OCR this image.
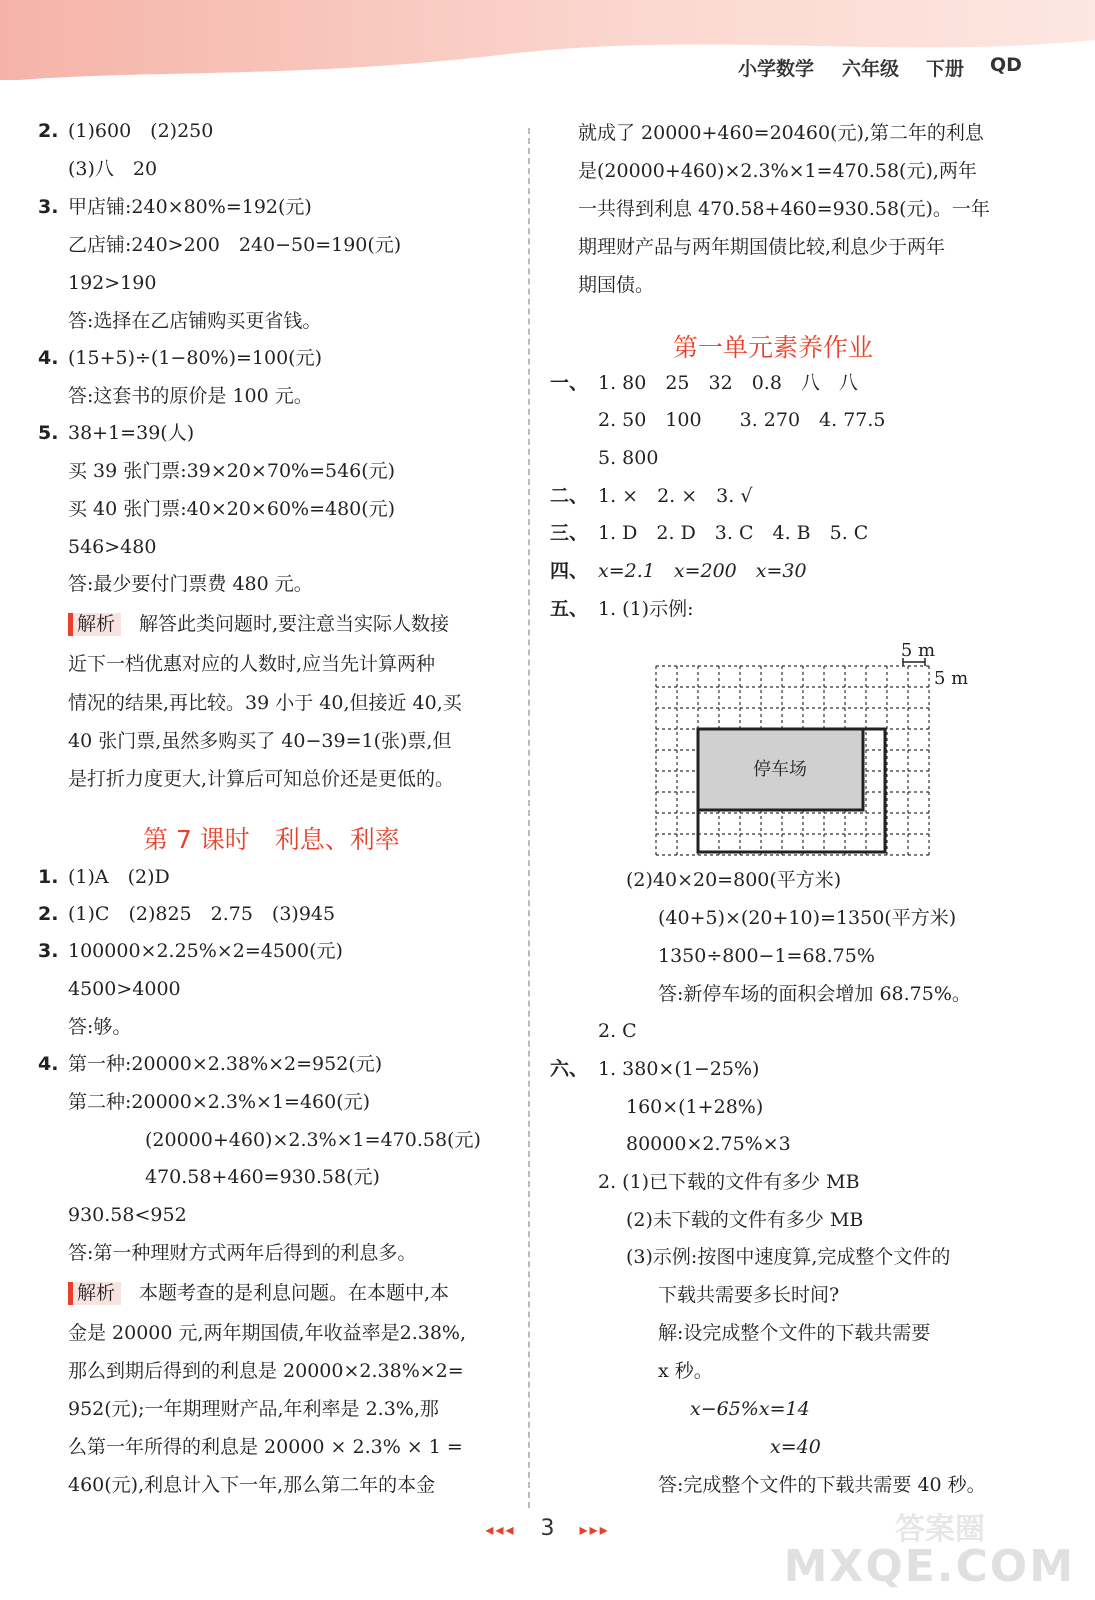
小学数学 六年级 下册 QD
2. (1)600　(2)250
(3)八　20
3. 甲店铺:240×80%=192(元)
乙店铺:240>200　240−50=190(元)
192>190
答:选择在乙店铺购买更省钱。
4. (15+5)÷(1−80%)=100(元)
答:这套书的原价是 100 元。
5. 38+1=39(人)
买 39 张门票:39×20×70%=546(元)
买 40 张门票:40×20×60%=480(元)
546>480
答:最少要付门票费 480 元。
解析 解答此类问题时,要注意当实际人数接
近下一档优惠对应的人数时,应当先计算两种
情况的结果,再比较。39 小于 40,但接近 40,买
40 张门票,虽然多购买了 40−39=1(张)票,但
是打折力度更大,计算后可知总价还是更低的。
第 7 课时　利息、利率
1. (1)A　(2)D
2. (1)C　(2)825　2.75　(3)945
3. 100000×2.25%×2=4500(元)
4500>4000
答:够。
4. 第一种:20000×2.38%×2=952(元)
第二种:20000×2.3%×1=460(元)
(20000+460)×2.3%×1=470.58(元)
470.58+460=930.58(元)
930.58<952
答:第一种理财方式两年后得到的利息多。
解析 本题考查的是利息问题。在本题中,本
金是 20000 元,两年期国债,年收益率是2.38%,
那么到期后得到的利息是 20000×2.38%×2=
952(元);一年期理财产品,年利率是 2.3%,那
么第一年所得的利息是 20000 × 2.3% × 1 =
460(元),利息计入下一年,那么第二年的本金
就成了 20000+460=20460(元),第二年的利息
是(20000+460)×2.3%×1=470.58(元),两年
一共得到利息 470.58+460=930.58(元)。一年
期理财产品与两年期国债比较,利息少于两年
期国债。
第一单元素养作业
一、 1. 80　25　32　0.8　八　八
2. 50　100　　3. 270　4. 77.5
5. 800
二、 1. ×　2. ×　3. √
三、 1. D　2. D　3. C　4. B　5. C
四、 x=2.1　x=200　x=30
五、 1. (1)示例:
停车场
5 m
5 m
(2)40×20=800(平方米)
(40+5)×(20+10)=1350(平方米)
1350÷800−1=68.75%
答:新停车场的面积会增加 68.75%。
2. C
六、 1. 380×(1−25%)
160×(1+28%)
80000×2.75%×3
2. (1)已下载的文件有多少 MB
(2)未下载的文件有多少 MB
(3)示例:按图中速度算,完成整个文件的
下载共需要多长时间?
解:设完成整个文件的下载共需要
x 秒。
x−65%x=14
x=40
答:完成整个文件的下载共需要 40 秒。
◂◂◂ 3 ▸▸▸	答案圈
MXQE.COM
